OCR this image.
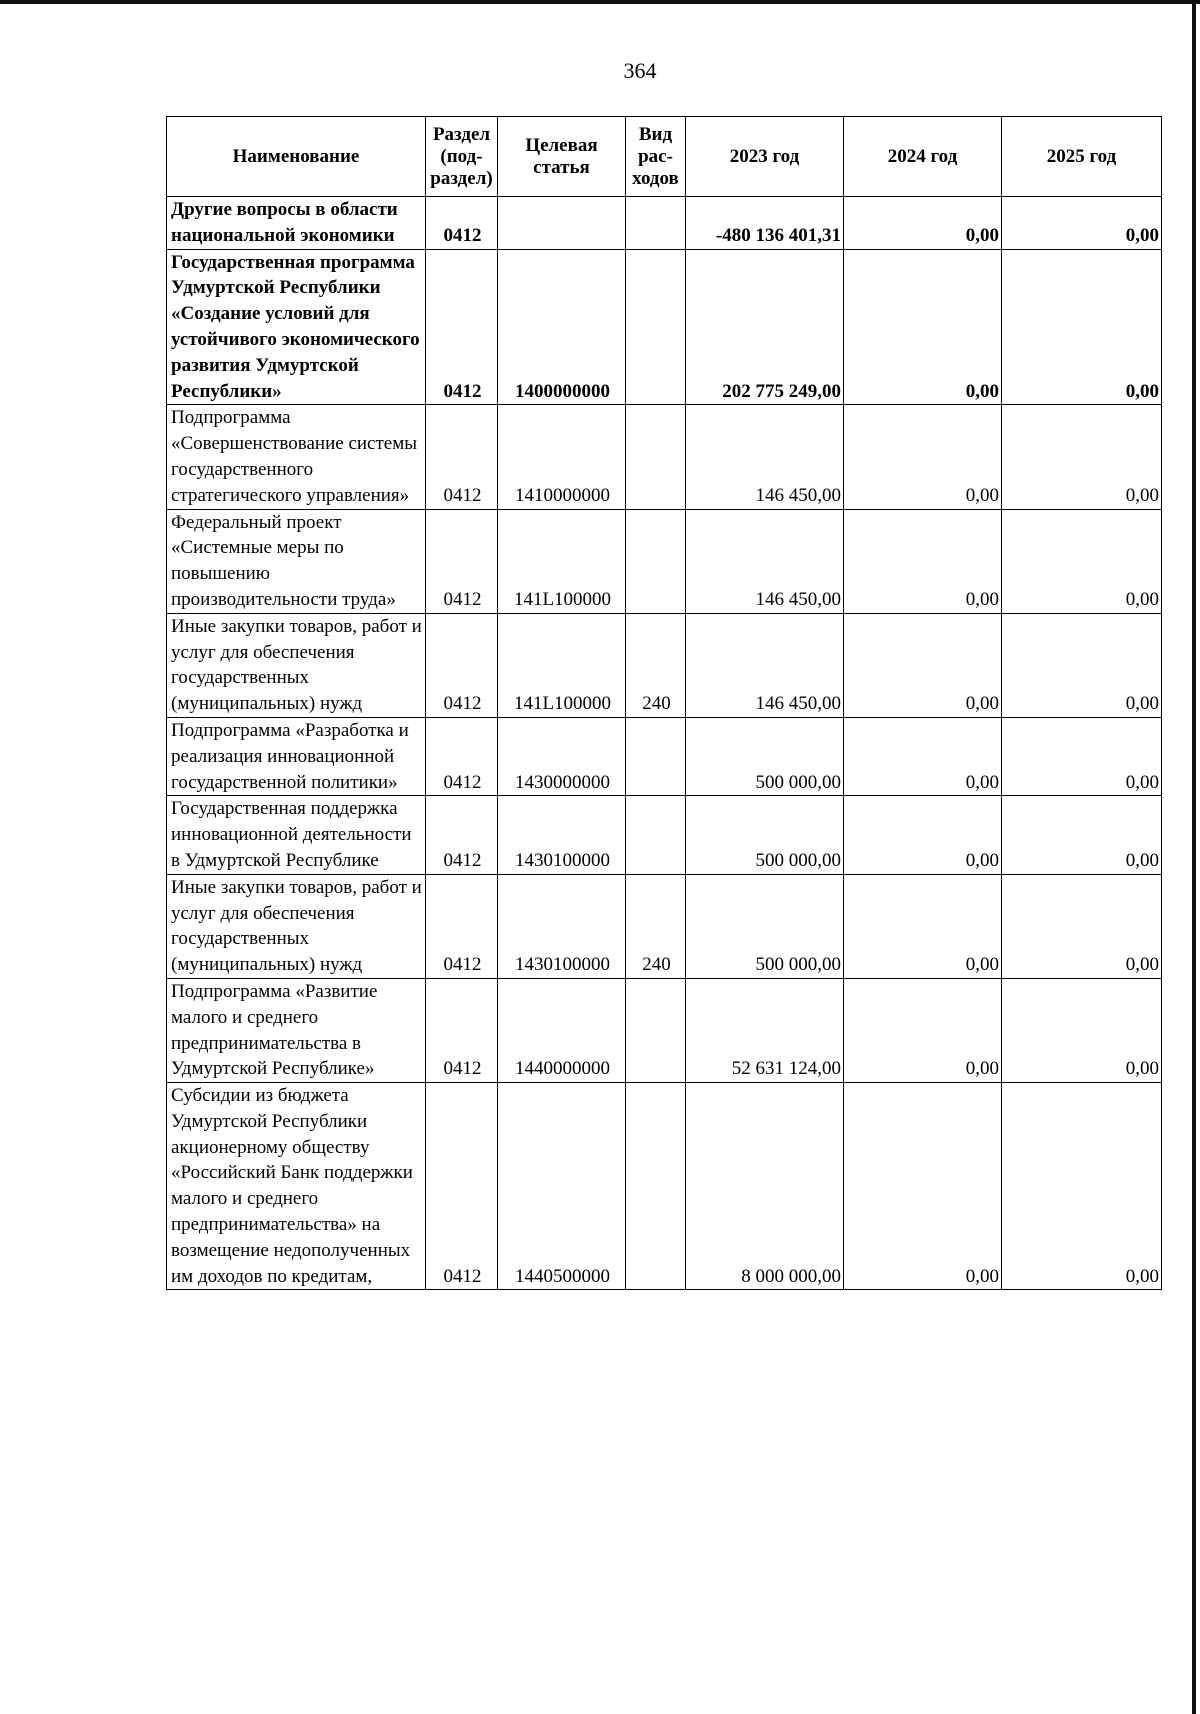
364
Наименование	Раздел (под-раздел)	Целевая статья	Вид рас-ходов	2023 год	2024 год	2025 год
Другие вопросы в области национальной экономики	0412			-480 136 401,31	0,00	0,00
Государственная программа Удмуртской Республики «Создание условий для устойчивого экономического развития Удмуртской Республики»	0412	1400000000		202 775 249,00	0,00	0,00
Подпрограмма «Совершенствование системы государственного стратегического управления»	0412	1410000000		146 450,00	0,00	0,00
Федеральный проект «Системные меры по повышению производительности труда»	0412	141L100000		146 450,00	0,00	0,00
Иные закупки товаров, работ и услуг для обеспечения государственных (муниципальных) нужд	0412	141L100000	240	146 450,00	0,00	0,00
Подпрограмма «Разработка и реализация инновационной государственной политики»	0412	1430000000		500 000,00	0,00	0,00
Государственная поддержка инновационной деятельности в Удмуртской Республике	0412	1430100000		500 000,00	0,00	0,00
Иные закупки товаров, работ и услуг для обеспечения государственных (муниципальных) нужд	0412	1430100000	240	500 000,00	0,00	0,00
Подпрограмма «Развитие малого и среднего предпринимательства в Удмуртской Республике»	0412	1440000000		52 631 124,00	0,00	0,00
Субсидии из бюджета Удмуртской Республики акционерному обществу «Российский Банк поддержки малого и среднего предпринимательства» на возмещение недополученных им доходов по кредитам,	0412	1440500000		8 000 000,00	0,00	0,00
